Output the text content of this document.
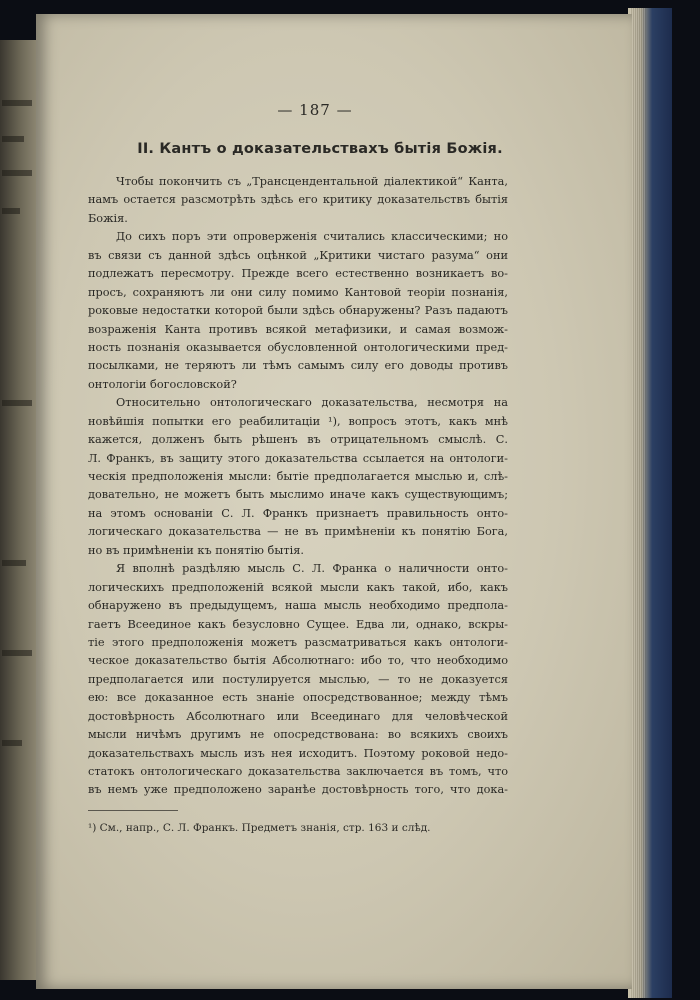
— 187 —
II. Кантъ о доказательствахъ бытія Божія.
Чтобы покончить съ „Трансцендентальной діалектикой“ Канта,
намъ остается разсмотрѣть здѣсь его критику доказательствъ бытія
Божія.
До сихъ поръ эти опроверженія считались классическими; но
въ связи съ данной здѣсь оцѣнкой „Критики чистаго разума“ они
подлежатъ пересмотру. Прежде всего естественно возникаетъ во-
просъ, сохраняютъ ли они силу помимо Кантовой теоріи познанія,
роковые недостатки которой были здѣсь обнаружены? Разъ падаютъ
возраженія Канта противъ всякой метафизики, и самая возмож-
ность познанія оказывается обусловленной онтологическими пред-
посылками, не теряютъ ли тѣмъ самымъ силу его доводы противъ
онтологіи богословской?
Относительно онтологическаго доказательства, несмотря на
новѣйшія попытки его реабилитаціи ¹), вопросъ этотъ, какъ мнѣ
кажется, долженъ быть рѣшенъ въ отрицательномъ смыслѣ. С.
Л. Франкъ, въ защиту этого доказательства ссылается на онтологи-
ческія предположенія мысли: бытіе предполагается мыслью и, слѣ-
довательно, не можетъ быть мыслимо иначе какъ существующимъ;
на этомъ основаніи С. Л. Франкъ признаетъ правильность онто-
логическаго доказательства — не въ примѣненіи къ понятію Бога,
но въ примѣненіи къ понятію бытія.
Я вполнѣ раздѣляю мысль С. Л. Франка о наличности онто-
логическихъ предположеній всякой мысли какъ такой, ибо, какъ
обнаружено въ предыдущемъ, наша мысль необходимо предпола-
гаетъ Всеединое какъ безусловно Сущее. Едва ли, однако, вскры-
тіе этого предположенія можетъ разсматриваться какъ онтологи-
ческое доказательство бытія Абсолютнаго: ибо то, что необходимо
предполагается или постулируется мыслью, — то не доказуется
ею: все доказанное есть знаніе опосредствованное; между тѣмъ
достовѣрность Абсолютнаго или Всеединаго для человѣческой
мысли ничѣмъ другимъ не опосредствована: во всякихъ своихъ
доказательствахъ мысль изъ нея исходитъ. Поэтому роковой недо-
статокъ онтологическаго доказательства заключается въ томъ, что
въ немъ уже предположено заранѣе достовѣрность того, что дока-
¹) См., напр., С. Л. Франкъ. Предметъ знанія, стр. 163 и слѣд.
